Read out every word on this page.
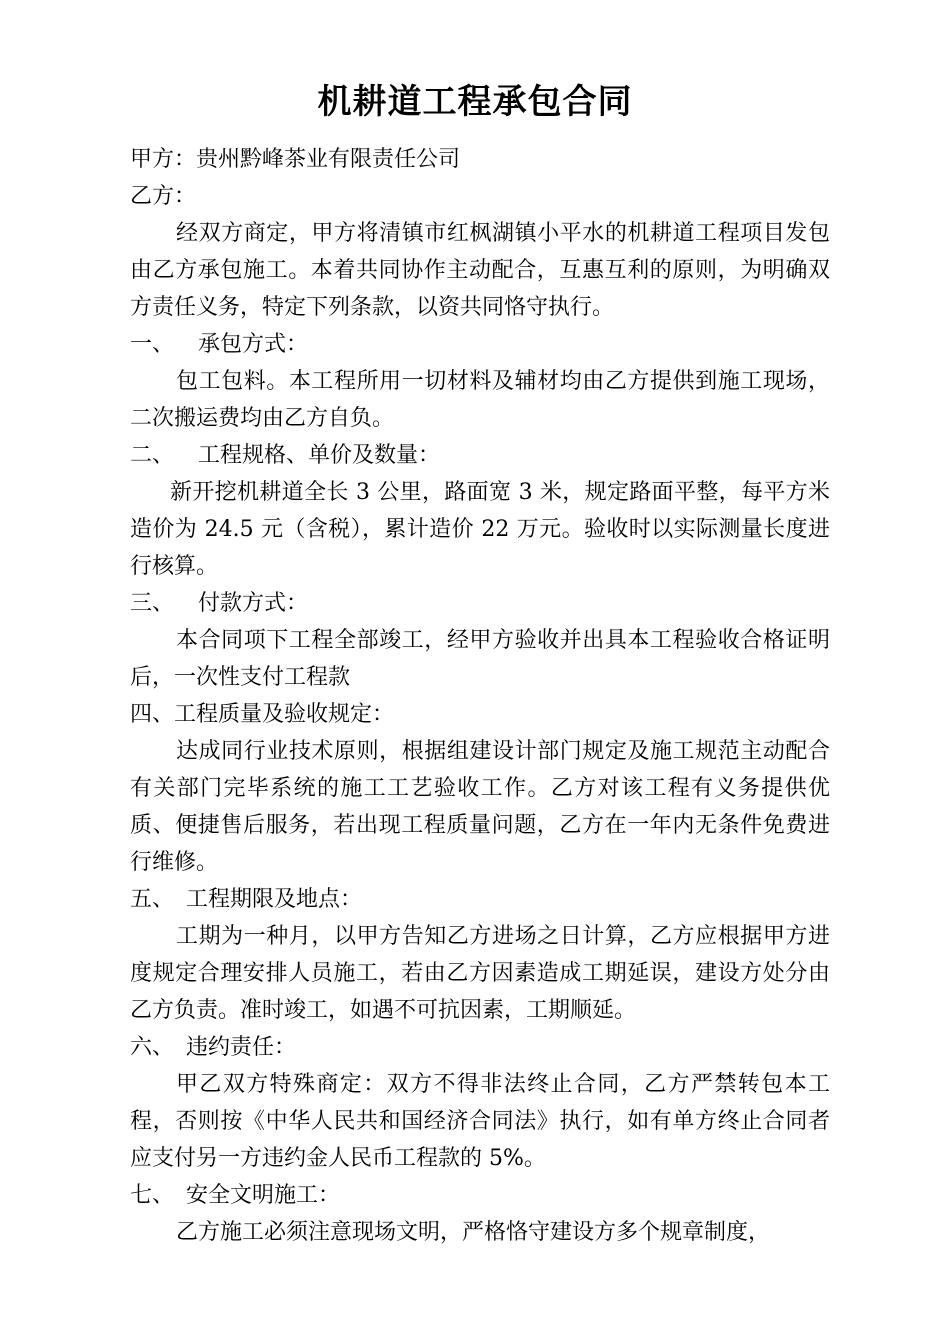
机耕道工程承包合同

甲方：贵州黔峰茶业有限责任公司

乙方：

经双方商定，甲方将清镇市红枫湖镇小平水的机耕道工程项目发包由乙方承包施工。本着共同协作主动配合，互惠互利的原则，为明确双方责任义务，特定下列条款，以资共同恪守执行。

一、 承包方式：

包工包料。本工程所用一切材料及辅材均由乙方提供到施工现场，二次搬运费均由乙方自负。

二、 工程规格、单价及数量：

新开挖机耕道全长 3 公里，路面宽 3 米，规定路面平整，每平方米造价为 24.5 元（含税），累计造价 22 万元。验收时以实际测量长度进行核算。

三、 付款方式：

本合同项下工程全部竣工，经甲方验收并出具本工程验收合格证明后，一次性支付工程款

四、工程质量及验收规定：

达成同行业技术原则，根据组建设计部门规定及施工规范主动配合有关部门完毕系统的施工工艺验收工作。乙方对该工程有义务提供优质、便捷售后服务，若出现工程质量问题，乙方在一年内无条件免费进行维修。

五、 工程期限及地点：

工期为一种月，以甲方告知乙方进场之日计算，乙方应根据甲方进度规定合理安排人员施工，若由乙方因素造成工期延误，建设方处分由乙方负责。准时竣工，如遇不可抗因素，工期顺延。

六、 违约责任：

甲乙双方特殊商定：双方不得非法终止合同，乙方严禁转包本工程，否则按《中华人民共和国经济合同法》执行，如有单方终止合同者应支付另一方违约金人民币工程款的 5%。

七、 安全文明施工：

乙方施工必须注意现场文明，严格恪守建设方多个规章制度，
